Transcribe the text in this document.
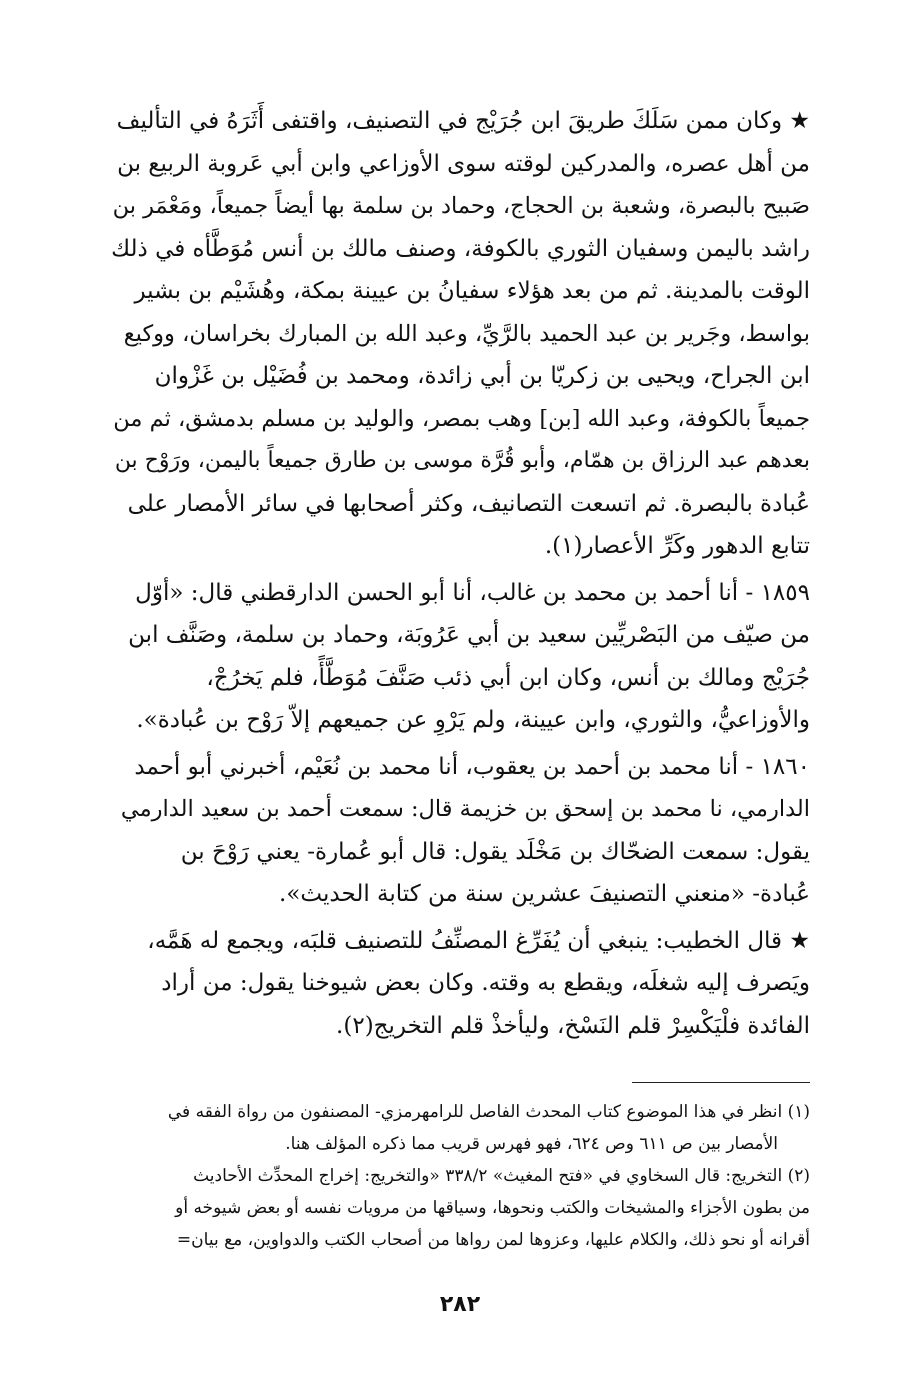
★ وكان ممن سَلَكَ طريقَ ابن جُرَيْج في التصنيف، واقتفى أَثَرَهُ في التأليف
من أهل عصره، والمدركين لوقته سوى الأوزاعي وابن أبي عَروبة الربيع بن
صَبيح بالبصرة، وشعبة بن الحجاج، وحماد بن سلمة بها أيضاً جميعاً، ومَعْمَر بن
راشد باليمن وسفيان الثوري بالكوفة، وصنف مالك بن أنس مُوَطَّأه في ذلك
الوقت بالمدينة. ثم من بعد هؤلاء سفيانُ بن عيينة بمكة، وهُشَيْم بن بشير
بواسط، وجَرير بن عبد الحميد بالرَّيِّ، وعبد الله بن المبارك بخراسان، ووكيع
ابن الجراح، ويحيى بن زكريّا بن أبي زائدة، ومحمد بن فُضَيْل بن غَزْوان
جميعاً بالكوفة، وعبد الله [بن] وهب بمصر، والوليد بن مسلم بدمشق، ثم من
بعدهم عبد الرزاق بن همّام، وأبو قُرَّة موسى بن طارق جميعاً باليمن، ورَوْح بن
عُبادة بالبصرة. ثم اتسعت التصانيف، وكثر أصحابها في سائر الأمصار على
تتابع الدهور وكَرِّ الأعصار(١).

١٨٥٩ - أنا أحمد بن محمد بن غالب، أنا أبو الحسن الدارقطني قال: «أوّل
من صيّف من البَصْريِّين سعيد بن أبي عَرُوبَة، وحماد بن سلمة، وصَنَّف ابن
جُرَيْج ومالك بن أنس، وكان ابن أبي ذئب صَنَّفَ مُوَطَّأً، فلم يَخرُجْ،
والأوزاعيُّ، والثوري، وابن عيينة، ولم يَرْوِ عن جميعهم إلاّ رَوْح بن عُبادة».

١٨٦٠ - أنا محمد بن أحمد بن يعقوب، أنا محمد بن نُعَيْم، أخبرني أبو أحمد
الدارمي، نا محمد بن إسحق بن خزيمة قال: سمعت أحمد بن سعيد الدارمي
يقول: سمعت الضحّاك بن مَخْلَد يقول: قال أبو عُمارة- يعني رَوْحَ بن
عُبادة- «منعني التصنيفَ عشرين سنة من كتابة الحديث».

★ قال الخطيب: ينبغي أن يُفَرِّغ المصنِّفُ للتصنيف قلبَه، ويجمع له هَمَّه،
ويَصرف إليه شغلَه، ويقطع به وقته. وكان بعض شيوخنا يقول: من أراد
الفائدة فلْيَكْسِرْ قلم النَسْخ، وليأخذْ قلم التخريج(٢).

(١) انظر في هذا الموضوع كتاب المحدث الفاصل للرامهرمزي- المصنفون من رواة الفقه في
الأمصار بين ص ٦١١ وص ٦٢٤، فهو فهرس قريب مما ذكره المؤلف هنا.

(٢) التخريج: قال السخاوي في «فتح المغيث» ٣٣٨/٢ «والتخريج: إخراج المحدِّث الأحاديث
من بطون الأجزاء والمشيخات والكتب ونحوها، وسياقها من مرويات نفسه أو بعض شيوخه أو
أقرانه أو نحو ذلك، والكلام عليها، وعزوها لمن رواها من أصحاب الكتب والدواوين، مع بيان=

٢٨٢
